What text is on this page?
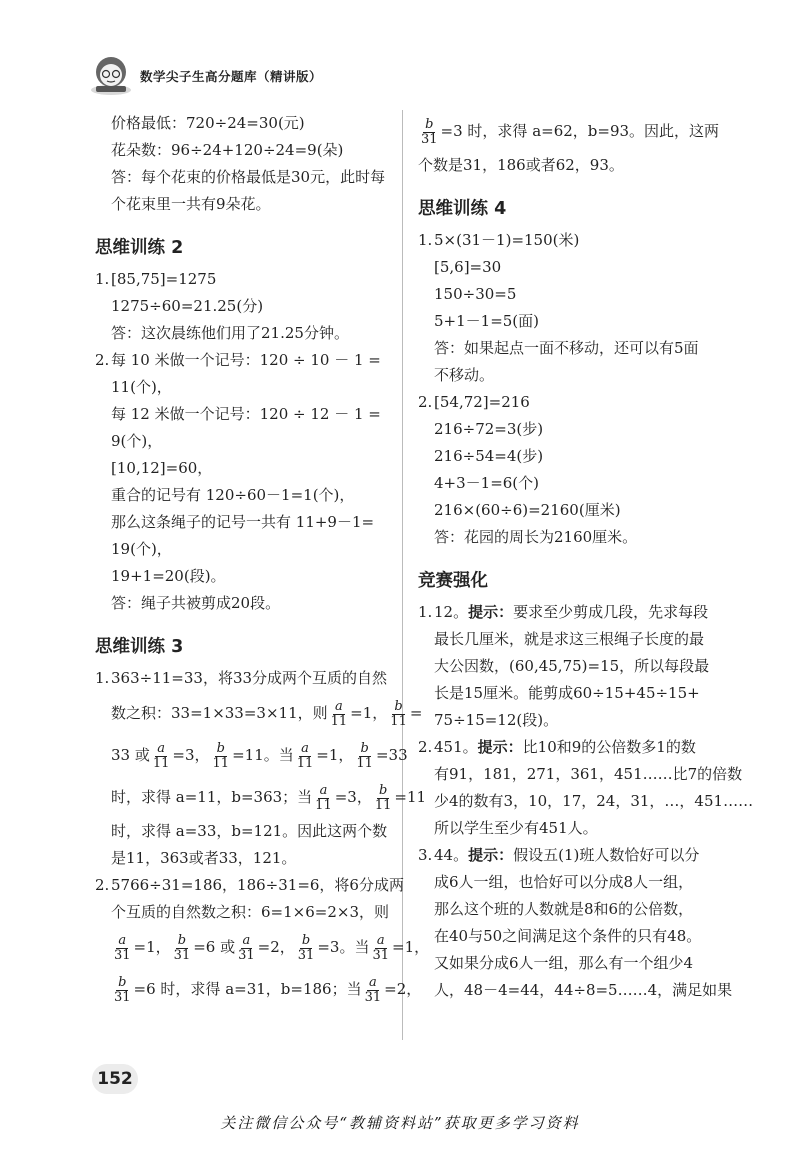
数学尖子生高分题库（精讲版）
价格最低：720÷24=30(元)
花朵数：96÷24+120÷24=9(朵)
答：每个花束的价格最低是30元，此时每
个花束里一共有9朵花。
思维训练 2
1. [85,75]=1275
1275÷60=21.25(分)
答：这次晨练他们用了21.25分钟。
2. 每 10 米做一个记号：120 ÷ 10 － 1 =
11(个)，
每 12 米做一个记号：120 ÷ 12 － 1 =
9(个)，
[10,12]=60，
重合的记号有 120÷60－1=1(个)，
那么这条绳子的记号一共有 11+9－1=
19(个)，
19+1=20(段)。
答：绳子共被剪成20段。
思维训练 3
1. 363÷11=33，将33分成两个互质的自然
数之积：33=1×33=3×11，则 $\frac{a}{11} =1$， $\frac{b}{11}$ =
33 或 $\frac{a}{11} =3$， $\frac{b}{11} =11$。当 $\frac{a}{11} =1$， $\frac{b}{11} =33$
时，求得 a=11，b=363；当 $\frac{a}{11} =3$， $\frac{b}{11} =11$
时，求得 a=33，b=121。因此这两个数
是11，363或者33，121。
2. 5766÷31=186，186÷31=6，将6分成两
个互质的自然数之积：6=1×6=2×3，则
$\frac{a}{31} =1$， $\frac{b}{31} =6$ 或 $\frac{a}{31} =2$， $\frac{b}{31} =3$。当 $\frac{a}{31} =1$，
$\frac{b}{31} =6$ 时，求得 a=31，b=186；当 $\frac{a}{31} =2$，
$\frac{b}{31} =3$ 时，求得 a=62，b=93。因此，这两
个数是31，186或者62，93。
思维训练 4
1. 5×(31－1)=150(米)
[5,6]=30
150÷30=5
5+1－1=5(面)
答：如果起点一面不移动，还可以有5面
不移动。
2. [54,72]=216
216÷72=3(步)
216÷54=4(步)
4+3－1=6(个)
216×(60÷6)=2160(厘米)
答：花园的周长为2160厘米。
竞赛强化
1. 12。提示：要求至少剪成几段，先求每段
最长几厘米，就是求这三根绳子长度的最
大公因数，(60,45,75)=15，所以每段最
长是15厘米。能剪成60÷15+45÷15+
75÷15=12(段)。
2. 451。提示：比10和9的公倍数多1的数
有91，181，271，361，451……比7的倍数
少4的数有3，10，17，24，31，…，451……
所以学生至少有451人。
3. 44。提示：假设五(1)班人数恰好可以分
成6人一组，也恰好可以分成8人一组，
那么这个班的人数就是8和6的公倍数，
在40与50之间满足这个条件的只有48。
又如果分成6人一组，那么有一个组少4
人，48－4=44，44÷8=5……4，满足如果
152
关注微信公众号“教辅资料站”获取更多学习资料
